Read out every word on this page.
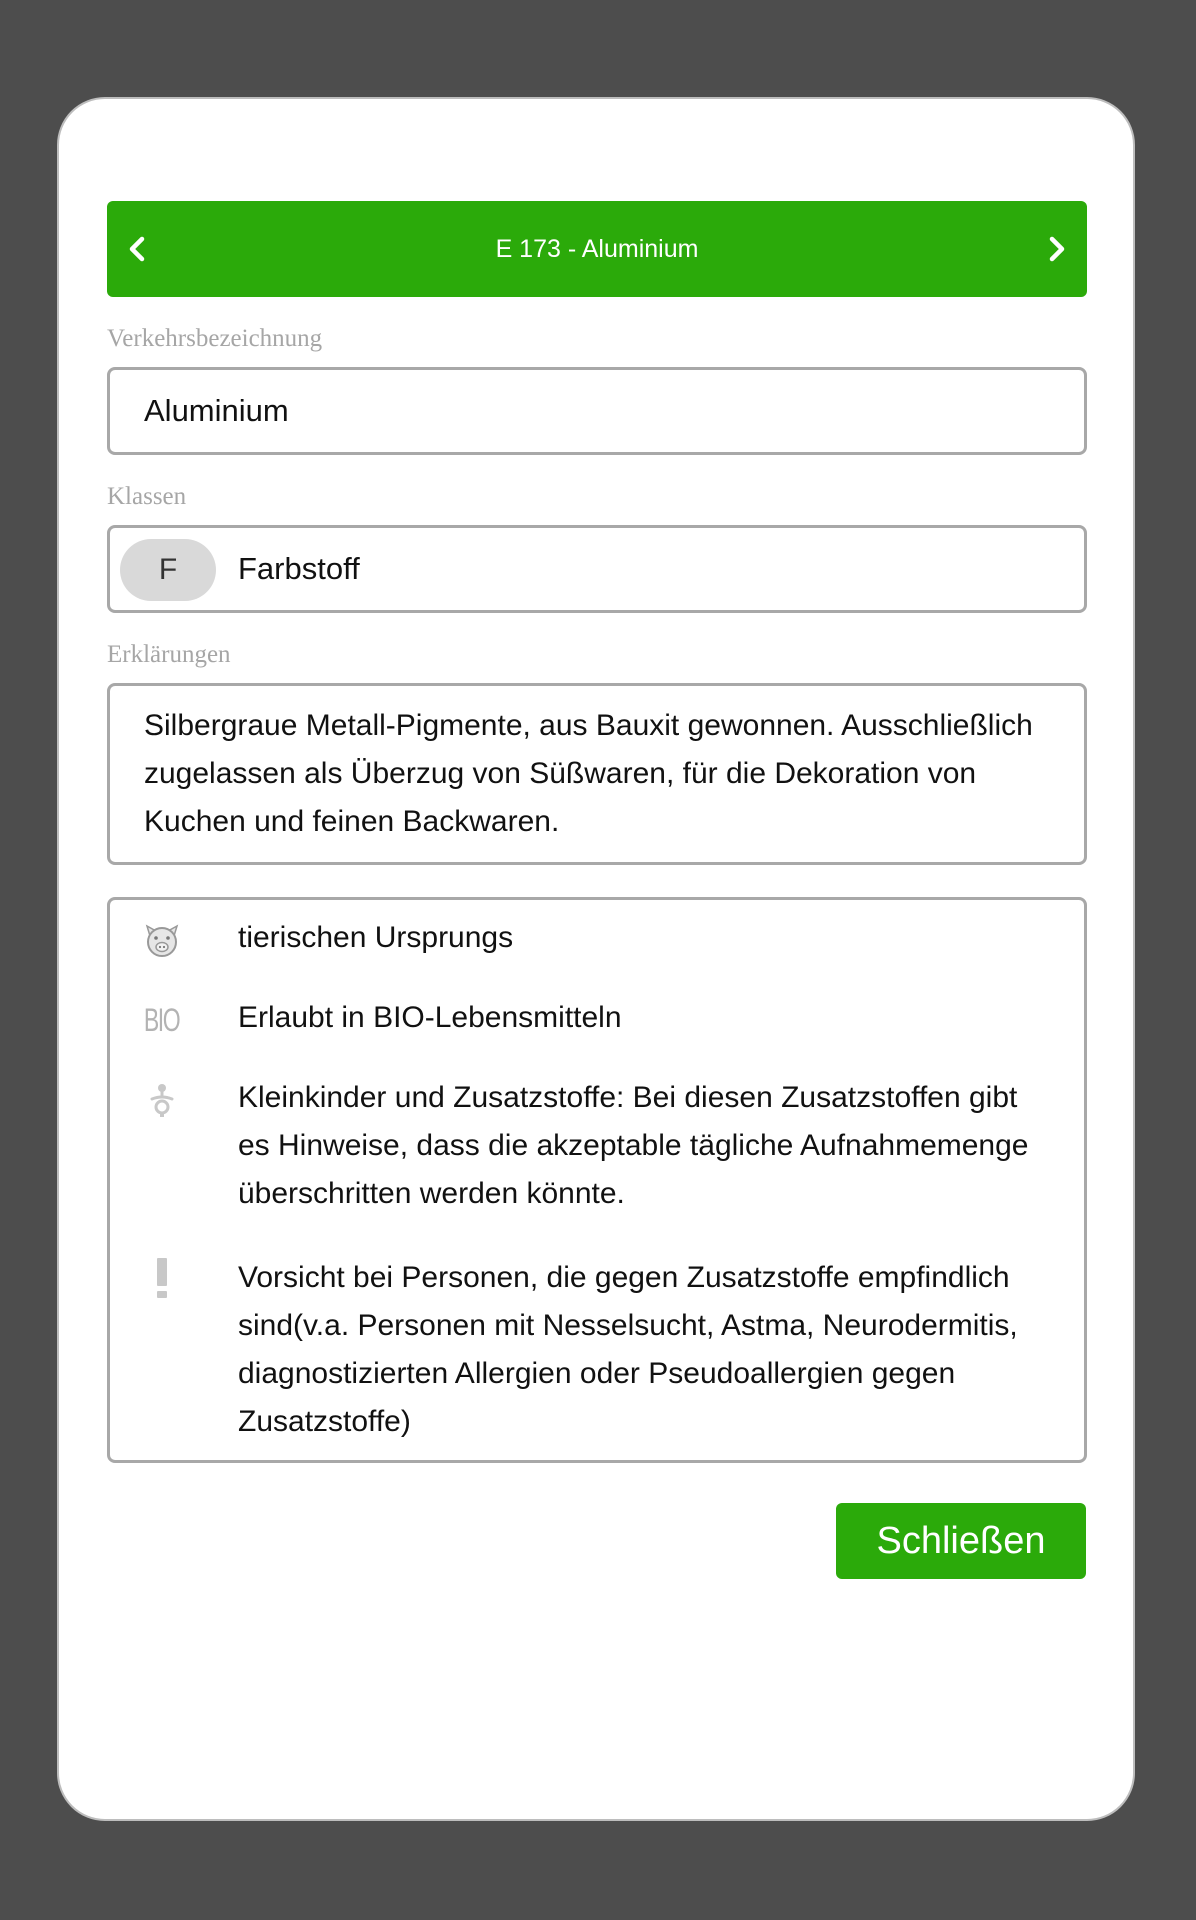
E 173 - Aluminium
Verkehrsbezeichnung
Aluminium
Klassen
F	Farbstoff
Erklärungen
Silbergraue Metall-Pigmente, aus Bauxit gewonnen. Ausschließlich zugelassen als Überzug von Süßwaren, für die Dekoration von Kuchen und feinen Backwaren.
tierischen Ursprungs
BIO Erlaubt in BIO-Lebensmitteln
Kleinkinder und Zusatzstoffe: Bei diesen Zusatzstoffen gibt es Hinweise, dass die akzeptable tägliche Aufnahmemenge überschritten werden könnte.
Vorsicht bei Personen, die gegen Zusatzstoffe empfindlich sind(v.a. Personen mit Nesselsucht, Astma, Neurodermitis, diagnostizierten Allergien oder Pseudoallergien gegen Zusatzstoffe)
Schließen
